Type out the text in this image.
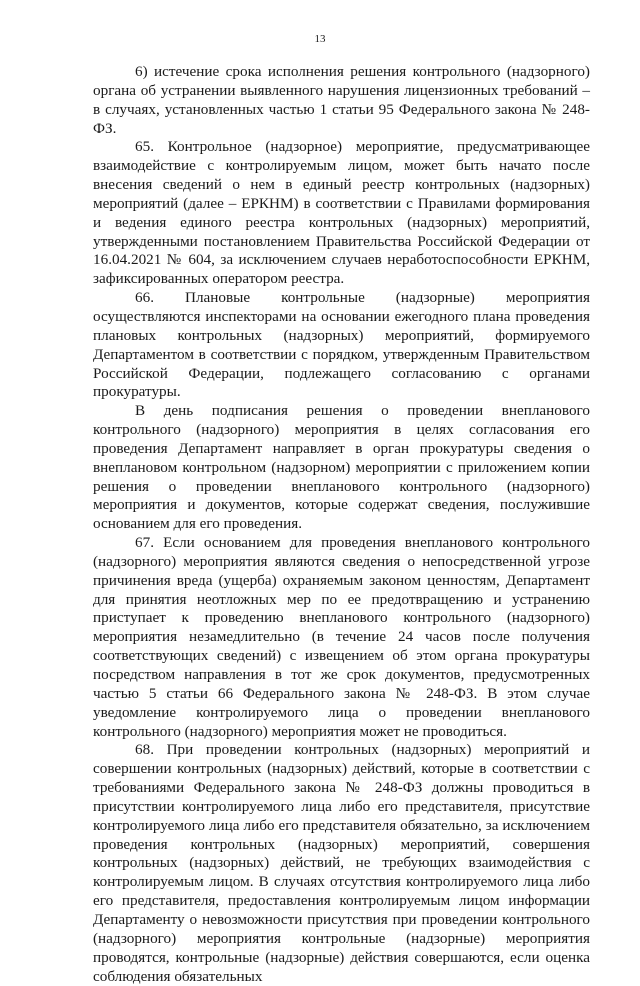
13

6) истечение срока исполнения решения контрольного (надзорного) органа об устранении выявленного нарушения лицензионных требований – в случаях, установленных частью 1 статьи 95 Федерального закона № 248-ФЗ.

65. Контрольное (надзорное) мероприятие, предусматривающее взаимодействие с контролируемым лицом, может быть начато после внесения сведений о нем в единый реестр контрольных (надзорных) мероприятий (далее – ЕРКНМ) в соответствии с Правилами формирования и ведения единого реестра контрольных (надзорных) мероприятий, утвержденными постановлением Правительства Российской Федерации от 16.04.2021 № 604, за исключением случаев неработоспособности ЕРКНМ, зафиксированных оператором реестра.

66. Плановые контрольные (надзорные) мероприятия осуществляются инспекторами на основании ежегодного плана проведения плановых контрольных (надзорных) мероприятий, формируемого Департаментом в соответствии с порядком, утвержденным Правительством Российской Федерации, подлежащего согласованию с органами прокуратуры.

В день подписания решения о проведении внепланового контрольного (надзорного) мероприятия в целях согласования его проведения Департамент направляет в орган прокуратуры сведения о внеплановом контрольном (надзорном) мероприятии с приложением копии решения о проведении внепланового контрольного (надзорного) мероприятия и документов, которые содержат сведения, послужившие основанием для его проведения.

67. Если основанием для проведения внепланового контрольного (надзорного) мероприятия являются сведения о непосредственной угрозе причинения вреда (ущерба) охраняемым законом ценностям, Департамент для принятия неотложных мер по ее предотвращению и устранению приступает к проведению внепланового контрольного (надзорного) мероприятия незамедлительно (в течение 24 часов после получения соответствующих сведений) с извещением об этом органа прокуратуры посредством направления в тот же срок документов, предусмотренных частью 5 статьи 66 Федерального закона № 248-ФЗ. В этом случае уведомление контролируемого лица о проведении внепланового контрольного (надзорного) мероприятия может не проводиться.

68. При проведении контрольных (надзорных) мероприятий и совершении контрольных (надзорных) действий, которые в соответствии с требованиями Федерального закона № 248-ФЗ должны проводиться в присутствии контролируемого лица либо его представителя, присутствие контролируемого лица либо его представителя обязательно, за исключением проведения контрольных (надзорных) мероприятий, совершения контрольных (надзорных) действий, не требующих взаимодействия с контролируемым лицом. В случаях отсутствия контролируемого лица либо его представителя, предоставления контролируемым лицом информации Департаменту о невозможности присутствия при проведении контрольного (надзорного) мероприятия контрольные (надзорные) мероприятия проводятся, контрольные (надзорные) действия совершаются, если оценка соблюдения обязательных
